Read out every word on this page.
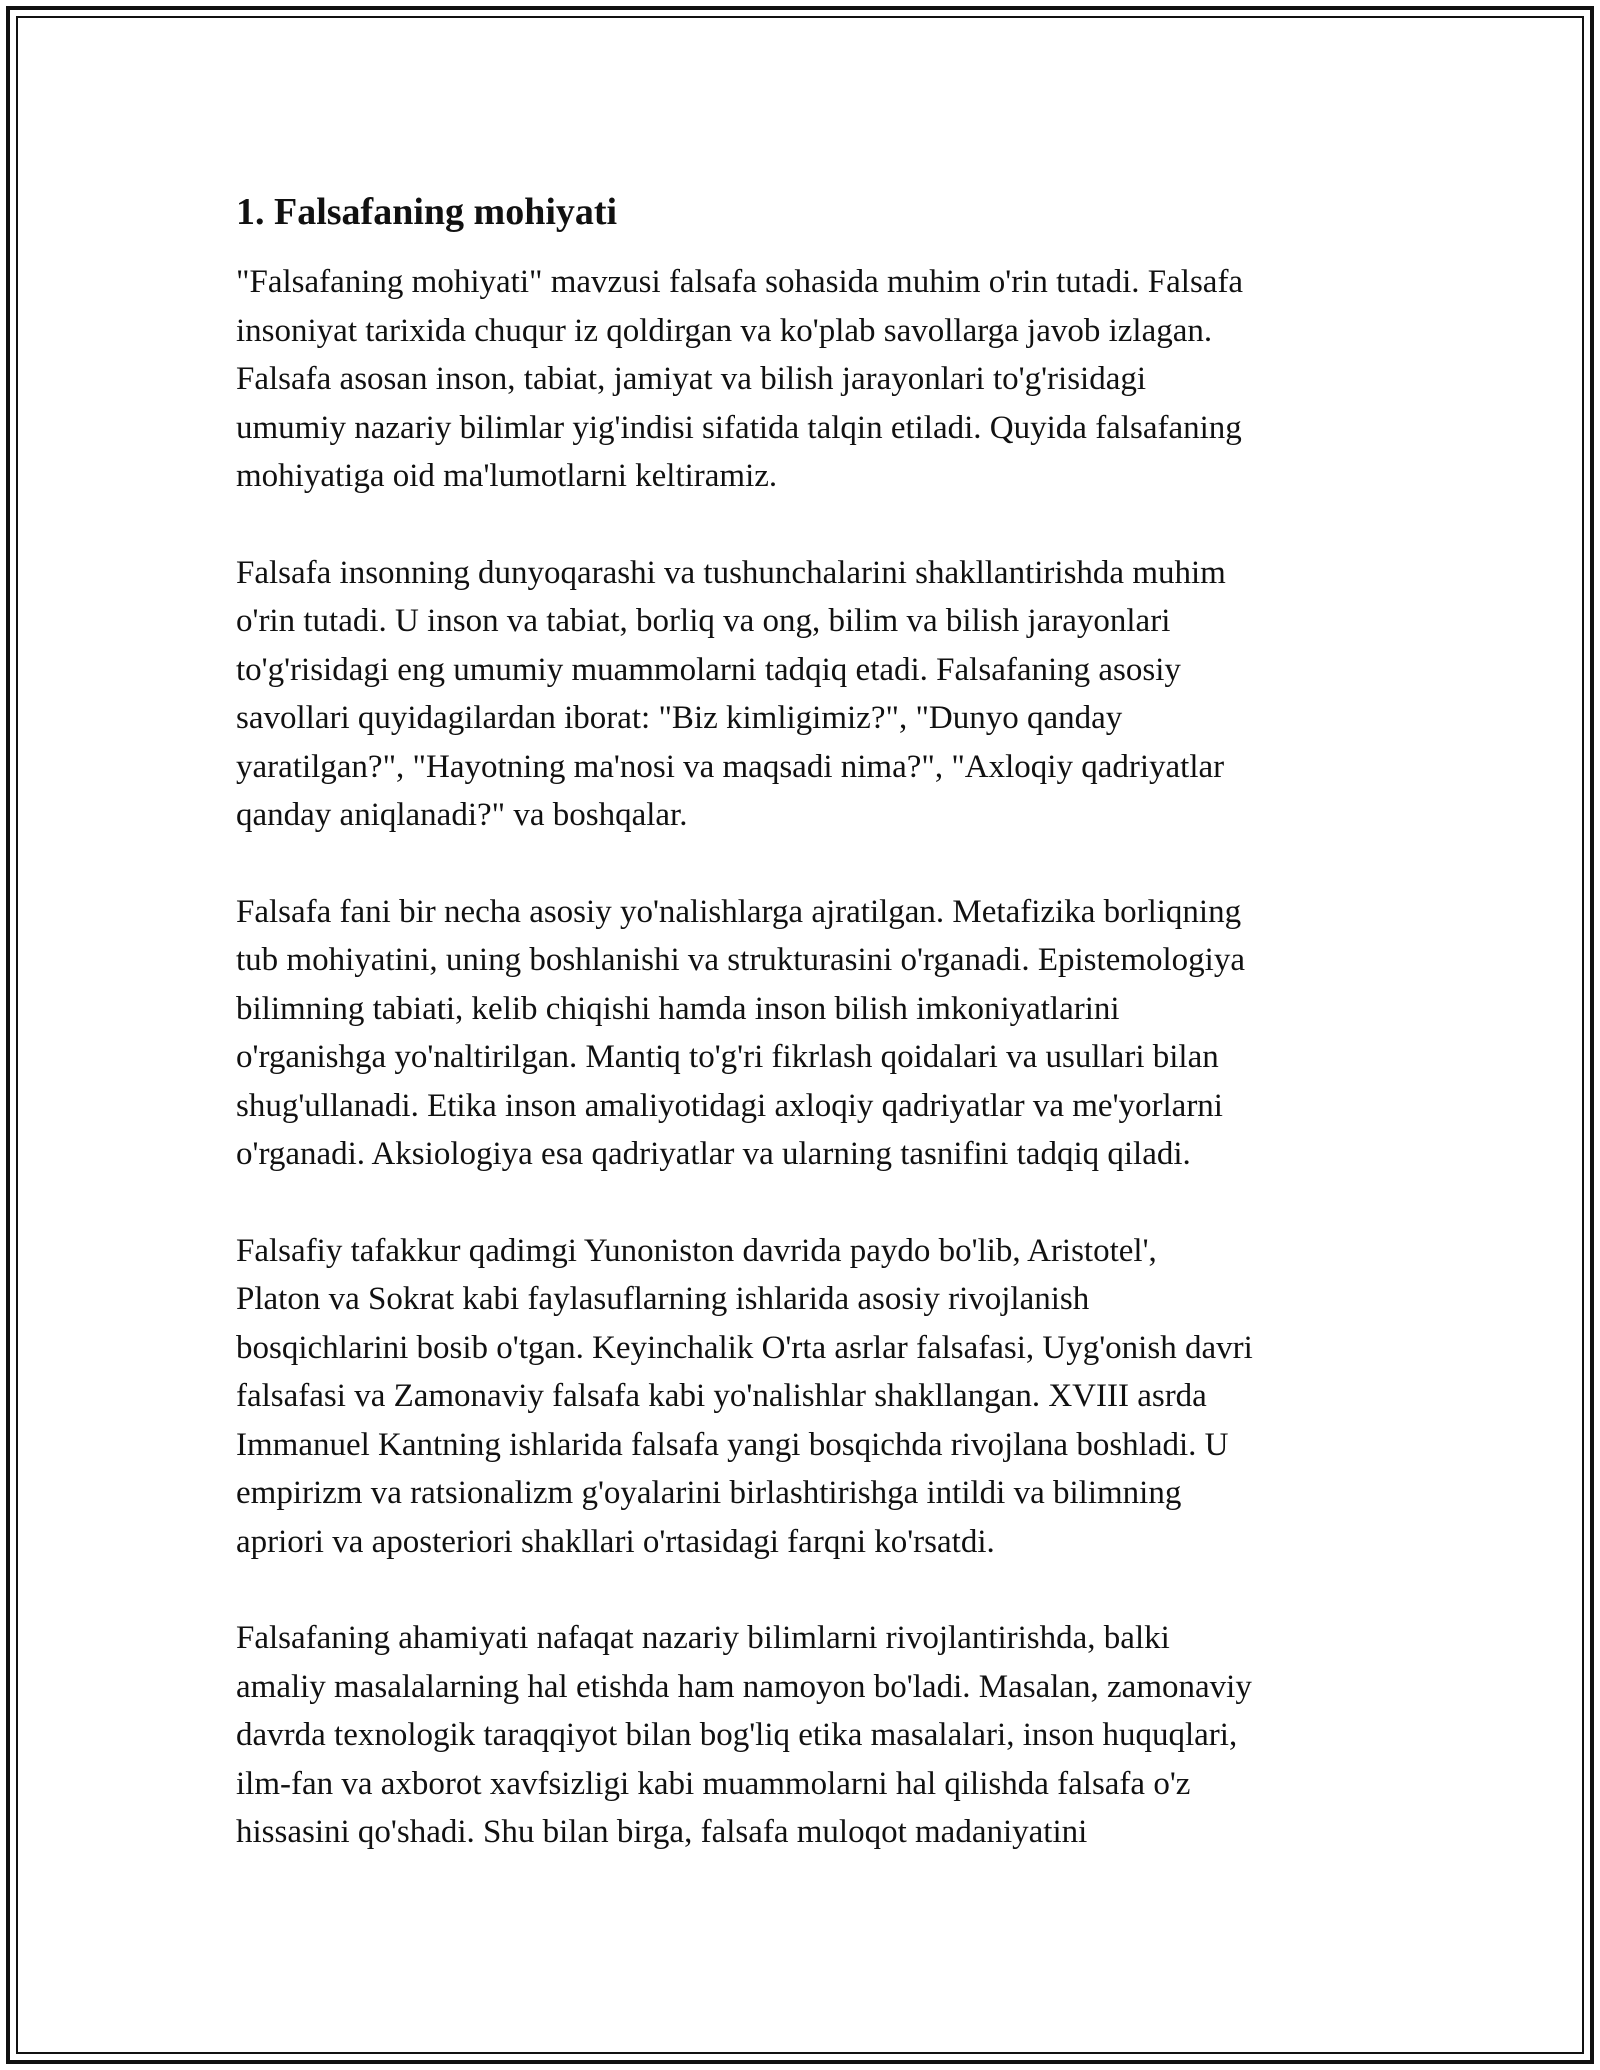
1. Falsafaning mohiyati

"Falsafaning mohiyati" mavzusi falsafa sohasida muhim o'rin tutadi. Falsafa
insoniyat tarixida chuqur iz qoldirgan va ko'plab savollarga javob izlagan.
Falsafa asosan inson, tabiat, jamiyat va bilish jarayonlari to'g'risidagi
umumiy nazariy bilimlar yig'indisi sifatida talqin etiladi. Quyida falsafaning
mohiyatiga oid ma'lumotlarni keltiramiz.

Falsafa insonning dunyoqarashi va tushunchalarini shakllantirishda muhim
o'rin tutadi. U inson va tabiat, borliq va ong, bilim va bilish jarayonlari
to'g'risidagi eng umumiy muammolarni tadqiq etadi. Falsafaning asosiy
savollari quyidagilardan iborat: "Biz kimligimiz?", "Dunyo qanday
yaratilgan?", "Hayotning ma'nosi va maqsadi nima?", "Axloqiy qadriyatlar
qanday aniqlanadi?" va boshqalar.

Falsafa fani bir necha asosiy yo'nalishlarga ajratilgan. Metafizika borliqning
tub mohiyatini, uning boshlanishi va strukturasini o'rganadi. Epistemologiya
bilimning tabiati, kelib chiqishi hamda inson bilish imkoniyatlarini
o'rganishga yo'naltirilgan. Mantiq to'g'ri fikrlash qoidalari va usullari bilan
shug'ullanadi. Etika inson amaliyotidagi axloqiy qadriyatlar va me'yorlarni
o'rganadi. Aksiologiya esa qadriyatlar va ularning tasnifini tadqiq qiladi.

Falsafiy tafakkur qadimgi Yunoniston davrida paydo bo'lib, Aristotel',
Platon va Sokrat kabi faylasuflarning ishlarida asosiy rivojlanish
bosqichlarini bosib o'tgan. Keyinchalik O'rta asrlar falsafasi, Uyg'onish davri
falsafasi va Zamonaviy falsafa kabi yo'nalishlar shakllangan. XVIII asrda
Immanuel Kantning ishlarida falsafa yangi bosqichda rivojlana boshladi. U
empirizm va ratsionalizm g'oyalarini birlashtirishga intildi va bilimning
apriori va aposteriori shakllari o'rtasidagi farqni ko'rsatdi.

Falsafaning ahamiyati nafaqat nazariy bilimlarni rivojlantirishda, balki
amaliy masalalarning hal etishda ham namoyon bo'ladi. Masalan, zamonaviy
davrda texnologik taraqqiyot bilan bog'liq etika masalalari, inson huquqlari,
ilm-fan va axborot xavfsizligi kabi muammolarni hal qilishda falsafa o'z
hissasini qo'shadi. Shu bilan birga, falsafa muloqot madaniyatini
